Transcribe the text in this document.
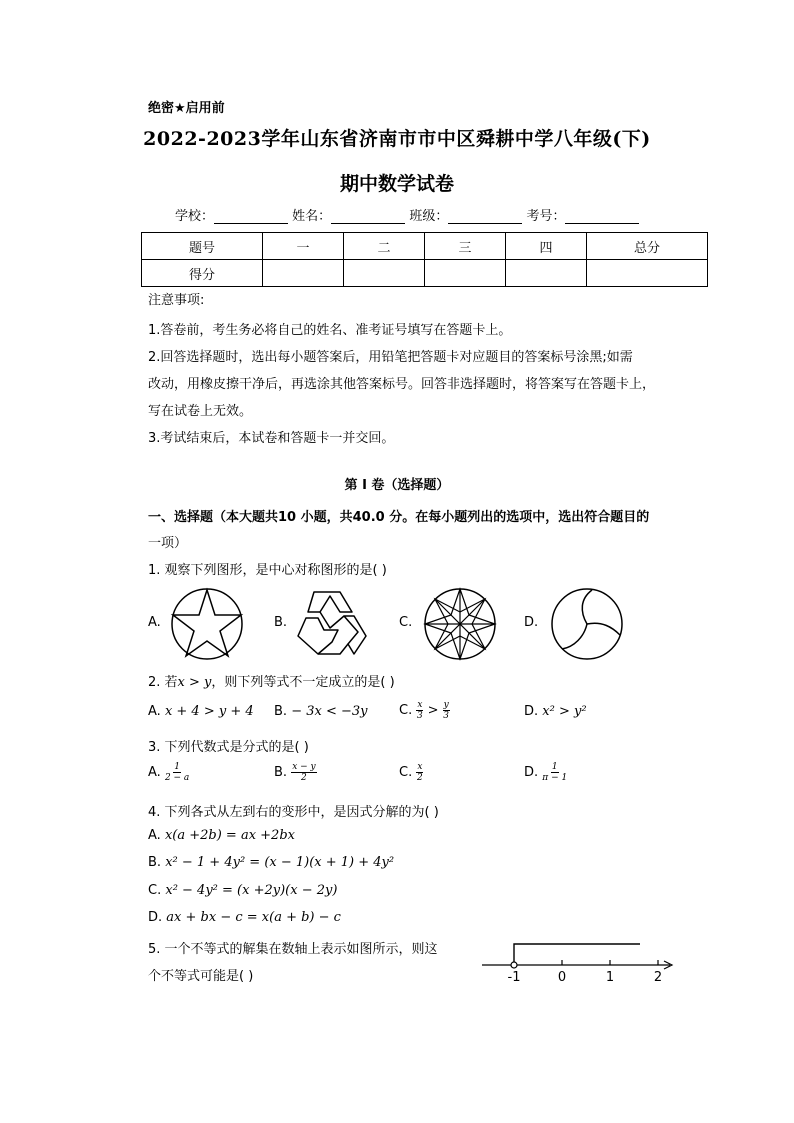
绝密★启用前
2022-2023学年山东省济南市市中区舜耕中学八年级(下)
期中数学试卷
学校：	姓名：	班级：	考号：
题号	一	二	三	四	总分
得分					
注意事项:
1.答卷前，考生务必将自己的姓名、准考证号填写在答题卡上。
2.回答选择题时，选出每小题答案后，用铅笔把答题卡对应题目的答案标号涂黑;如需
改动，用橡皮擦干净后，再选涂其他答案标号。回答非选择题时，将答案写在答题卡上，
写在试卷上无效。
3.考试结束后，本试卷和答题卡一并交回。
第 I 卷（选择题）
一、选择题（本大题共10 小题，共40.0 分。在每小题列出的选项中，选出符合题目的
一项）
1. 观察下列图形，是中心对称图形的是( )
A.	B.	C.	D.
2. 若x > y，则下列等式不一定成立的是( )
A. x + 4 > y + 4 B. − 3x < −3y C. $\frac{x}{3} > \frac{y}{3}$	D. x² > y²
3. 下列代数式是分式的是( )
A. $\frac{1}{2 - a}$	B. $\frac{x - y}{2}$	C. $\frac{x}{2}$	D. $\frac{1}{\pi - 1}$
4. 下列各式从左到右的变形中，是因式分解的为( )
A. x(a +2b) = ax +2bx
B. x² − 1 + 4y² = (x − 1)(x + 1) + 4y²
C. x² − 4y² = (x +2y)(x − 2y)
D. ax + bx − c = x(a + b) − c
5. 一个不等式的解集在数轴上表示如图所示，则这
个不等式可能是( )	-1	0	1	2
